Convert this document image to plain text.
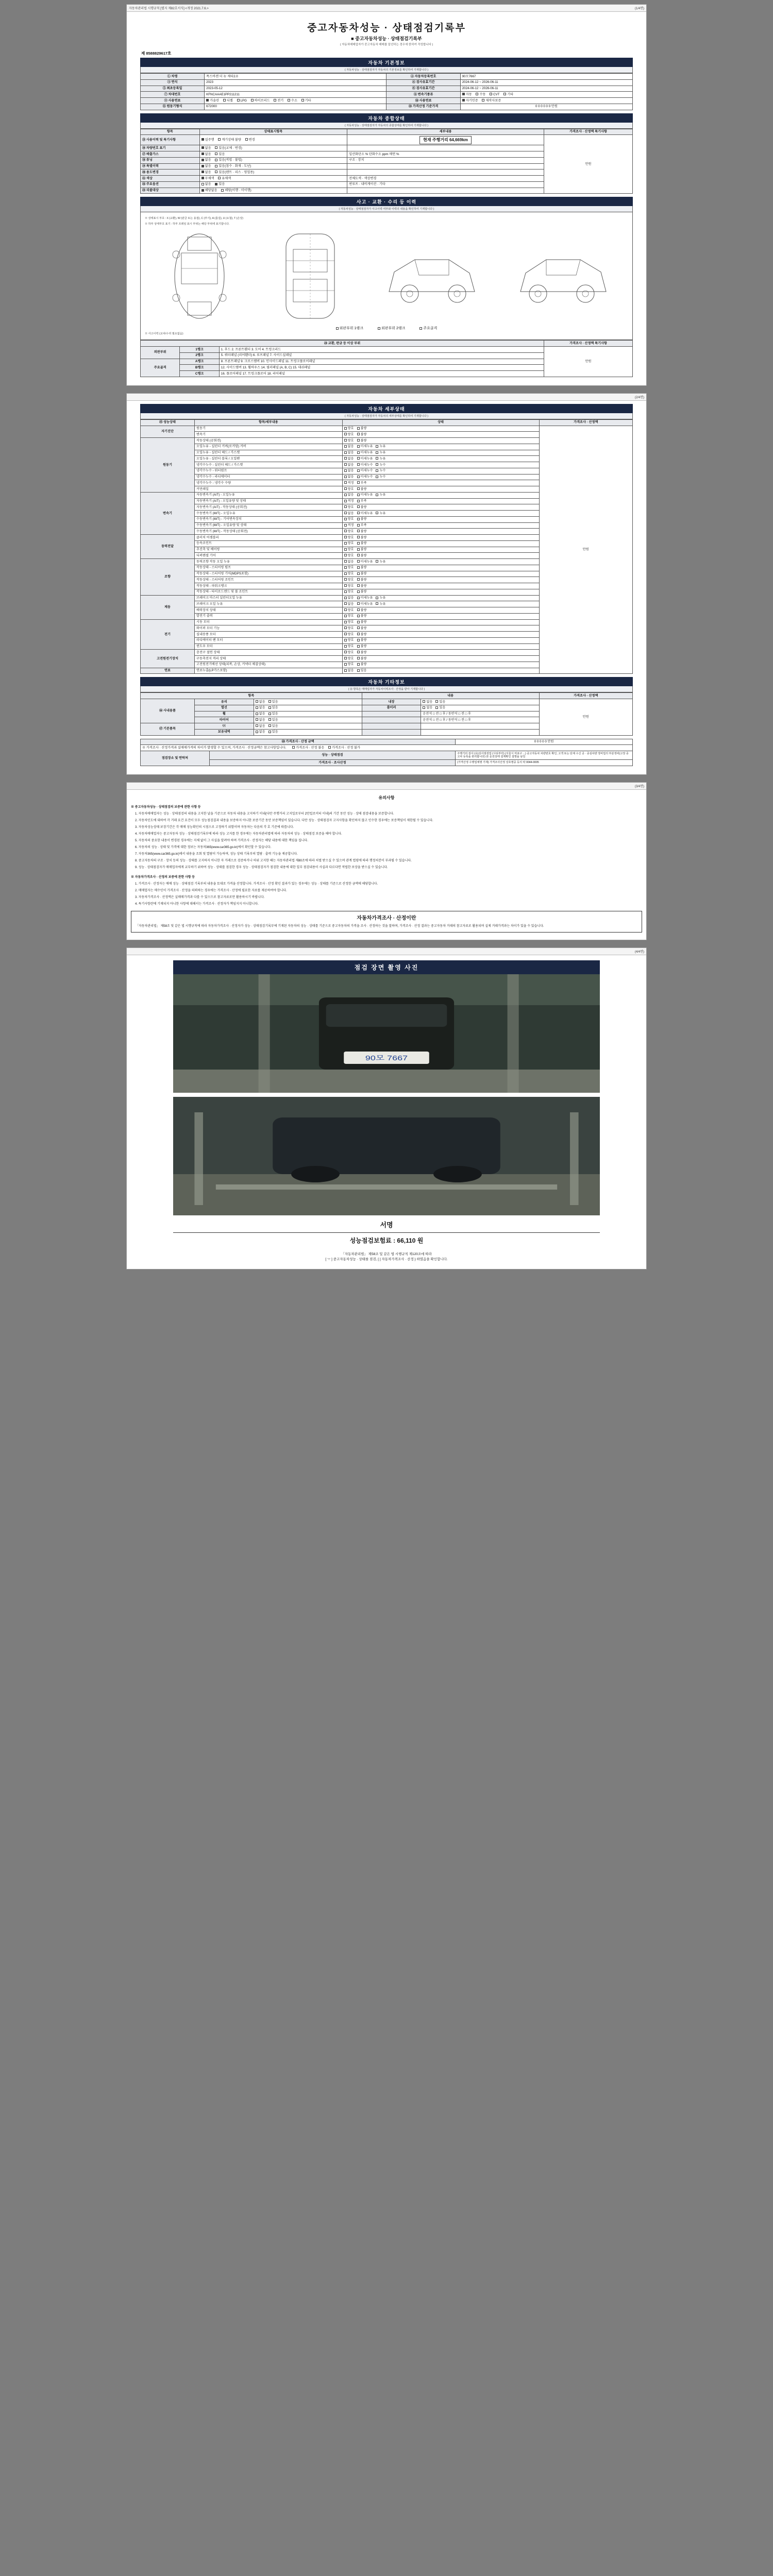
자동차관리법 시행규칙 [별지 제82호서식] <개정 2021.7.6.>	(1/4면)
중고자동차성능 · 상태점검기록부
■ 중고자동차성능 · 상태점검기록부
( 자동차매매업자가 중고자동차 매매를 알선하는 경우에 한하여 작성합니다 )
제 8588829617호
자동차 기본정보
( 자동차성능 · 상태점검자가 자동차의 기본정보를 확인하여 기재합니다 )
① 차명	폭스바겐 더 뉴 제타2.0	② 자동차등록번호	90모7667
③ 연식	2023	④ 검사유효기간	2024-06-12 ~ 2026-06-11
⑤ 최초등록일	2023-05-12	⑥ 검사유효기간	2024-06-12 ~ 2026-06-11
⑦ 차대번호	KFNCAAAE1PP211211	⑧ 변속기종류	자동 수동 CVT 기타
⑨ 사용연료	가솔린 디젤 LPG 하이브리드 전기 수소 기타	⑩ 사용연료	자기인증 제작사보증
⑪ 원동기형식	672000	⑭ 가격산정 기준가격	0 0 0 0 0 0 만원
자동차 종합상태
( 자동차성능 · 상태점검자가 자동차의 종합상태를 확인하여 기재합니다 )
항목	상태표시항목	세부내용	가격조사 · 산정액 특기사항
⑮ 사용이력 및 특기사항	실주행 계기상태 불량 변경	현재 주행거리 64,669km	만원
⑯ 차량번호 표기	없음 있음(교체 · 변경)		
⑰ 배출가스	없음 있음	일산화탄소 % 탄화수소 ppm 매연 %	
⑱ 튜닝	없음 있음(적법 · 불법)	구조 · 장치	
⑲ 특별이력	없음 있음(침수 · 화재 · 도난)		
⑳ 용도변경	없음 있음(렌트 · 리스 · 영업용)		
㉑ 색상	무채색 유채색	전체도색 · 색상변경	
㉒ 주요옵션	없음 있음	썬루프 · 내비게이션 · 기타	
㉓ 리콜대상	해당없음 해당(이행 · 미이행)		
사고 · 교환 · 수리 등 이력
( 자동차성능 · 상태점검자가 사고이력 여부와 이력의 내용을 확인하여 기재합니다 )
※ 상태표시 부호 : X (교환), W (판금 또는 용접), C (부식), A (흠집), U (요철), T (손상)
※ 하부 상태부호 표기 : 하부 프레임 표시 부위는 해당 부위에 표기합니다.
외판부위 1랭크	외판부위 2랭크	주요골격
※ 사고이력 (교차/수리 필요없음)
㉔ 교환, 판금 등 이상 부위			가격조사 · 산정액 특기사항
외판부위	1랭크	1. 후드 2. 프론트휀더 3. 도어 4. 트렁크리드	만원
	2랭크	5. 쿼터패널 (리어휀더) 6. 루프패널 7. 사이드실패널	
주요골격	A랭크	8. 프론트패널 9. 크로스멤버 10. 인사이드패널 11. 트렁크플로어패널	
	B랭크	12. 사이드멤버 13. 휠하우스 14. 필러패널 (A, B, C) 15. 대쉬패널	
	C랭크	16. 플로어패널 17. 트렁크플로어 18. 리어패널	
(2/4면)
자동차 세부상태
( 자동차성능 · 상태점검자가 자동차의 세부상태를 확인하여 기재합니다 )
㉕ 성능상태	항목/세부내용	상태	가격조사 · 산정액
자기진단	원동기	양호 불량	만원
	변속기	양호 불량	
원동기	작동상태 (공회전)	양호 불량	
	오일누유 - 실린더 커버(로커암) 커버	없음 미세누유 누유	
	오일누유 - 실린더 헤드 / 가스켓	없음 미세누유 누유	
	오일누유 - 실린더 블록 / 오일팬	없음 미세누유 누유	
	냉각수누수 - 실린더 헤드 / 가스켓	없음 미세누수 누수	
	냉각수누수 - 워터펌프	없음 미세누수 누수	
	냉각수누수 - 라디에이터	없음 미세누수 누수	
	냉각수누수 - 냉각수 수량	적정 부족	
	커먼레일	양호 불량	
변속기	자동변속기 (A/T) - 오일누유	없음 미세누유 누유	
	자동변속기 (A/T) - 오일유량 및 상태	적정 부족	
	자동변속기 (A/T) - 작동상태 (공회전)	양호 불량	
	수동변속기 (M/T) - 오일누유	없음 미세누유 누유	
	수동변속기 (M/T) - 기어변속장치	양호 불량	
	수동변속기 (M/T) - 오일유량 및 상태	적정 부족	
	수동변속기 (M/T) - 작동상태 (공회전)	양호 불량	
동력전달	클러치 어셈블리	양호 불량	
	등속조인트	양호 불량	
	추진축 및 베어링	양호 불량	
	디퍼렌셜 기어	양호 불량	
조향	동력조향 작동 오일 누유	없음 미세누유 누유	
	작동상태 - 스티어링 펌프	양호 불량	
	작동상태 - 스티어링 기어(MDPS포함)	양호 불량	
	작동상태 - 스티어링 조인트	양호 불량	
	작동상태 - 파워크랭크	양호 불량	
	작동상태 - 타이로드엔드 및 볼 조인트	양호 불량	
제동	브레이크 마스터 실린더오일 누유	없음 미세누유 누유	
	브레이크 오일 누유	없음 미세누유 누유	
	배력장치 상태	양호 불량	
	발전기 출력	양호 불량	
전기	시동 모터	양호 불량	
	와이퍼 모터 기능	양호 불량	
	실내송풍 모터	양호 불량	
	라디에이터 팬 모터	양호 불량	
	윈도우 모터	양호 불량	
고전원전기장치	충전구 절연 상태	양호 불량	
	구동축전지 격리 상태	양호 불량	
	고전원전기배선 상태(피복, 손상, 커넥터 체결상태)	양호 불량	
연료	연료누출(LP가스포함)	없음 있음	
자동차 기타정보
( ㉖ 항목은 매매업자가 자동차이력조사 · 산정을 받아 기재합니다 )
항목			내용		가격조사 · 산정액
㉖ 사내용품	유리	없음 있음	내장	없음 있음	만원
	열선	없음 있음	룸미러	없음 있음	
	휠	없음 있음		운전석 □ 전 □ 후 / 동반석 □ 전 □ 후	
	타이어	없음 있음		운전석 □ 전 □ 후 / 동반석 □ 전 □ 후	
㉗ 기본품목	؟؟	없음 있음			
	보유내역	없음 있음			
㉘ 가격조사 · 산정 금액		0 0 0 0 0 만원
※ 가격조사 · 산정가격과 실매매가격의 차이가 발생할 수 있으며, 가격조사 · 산정금액은 참고사항입니다. 가격조사 · 산정 불응 가격조사 · 산정 불가		
점검장소 및 연락처	성능 · 상태점검	주행거리 검사 (유)상사점검업 (시티부터) (서울시 마포구 ...) 중고자동차 차량번호 확인, 고객 또는 단체 수신 공 · 중심차량 정비업의 부분정비(고장 중고차 등록을 관리합니다) 본 운전상태 설계확인 설명을 남김
	가격조사 · 조사산정	(가격산정 수행업체명 기재) 가격조사산정 상호명중 등의 락 0044-0005
(3/4면)
유의사항

※ 중고자동차성능 · 상태점검의 보증에 관한 사항 등

1. 자동차매매업자는 성능 · 상태점검의 내용을 고지한 날을 기준으로 자동차 내용을 고지하기 이내(다만 주행거리 고지일로부터 2만킬로미터 이내)의 기간 동안 성능 · 상태 점검내용을 보증합니다.

2. 자동차인도에 대하여 각 거래 요건 요건이 모두 성능점검결과 내용을 보증하지 아니한 보증기간 동안 보증책임이 있습니다. 다만 성능 · 상태점검자 고지사항을 확인하지 않고 인수한 경우에는 보증책임이 제한될 수 있습니다.

3. 자동차성능상태 보장기간은 각 매매 성능확인의 시점으로 고정하기 위함이며 자동차는 다음의 각 호 기준에 따릅니다.

4. 자동차매매업자는 중고자동차 성능 · 상태점검기록부에 따라 성능 고지를 한 경우에는 자동차관리법에 따라 자동차의 성능 · 상태점검 보증을 해야 합니다.

5. 자동차의 중요한 내용이 변경된 경우에는 지체 없이 그 사실을 알려야 하며 가격조사 · 산정자는 해당 내용에 대한 책임을 집니다.

6. 자동차의 성능 · 상태 및 가격에 대한 정보는 자동차365(www.car365.go.kr)에서 확인할 수 있습니다.

7. 자동차365(www.car365.go.kr)에서 내용을 조회 및 열람이 가능하며, 성능 상태 기록부의 열람 · 출력 기능을 제공합니다.

8. 중고자동차의 구조 · 장치 등의 성능 · 상태를 고지하지 아니한 자 거래으로 검증하거나 허위 고지한 때는 자동차관리법 제80조에 따라 처벌 받으실 수 있으며 관계 법령에 따라 행정처분이 부과될 수 있습니다.

9. 성능 · 상태점검자가 매매업자에게 교부하기 위하여 성능 · 상태를 점검한 경우 성능 · 상태점검자가 점검한 내용에 대한 일부 점검내용이 사실과 다르다면 적법한 보상을 받으실 수 있습니다.

※ 자동차가격조사 · 산정의 보증에 관한 사항 등

1. 가격조사 · 산정자는 매매 성능 · 상태점검 기록부의 내용을 토대로 가격을 산정합니다. 가격조사 · 산정 확인 결과가 있는 경우에는 성능 · 상태를 기준으로 산정한 금액에 해당합니다.

2. 매매업자는 매수인이 가격조사 · 산정을 의뢰하는 경우에는 가격조사 · 산정에 필요한 자료를 제공하여야 합니다.

3. 자동차가격조사 · 산정액은 실매매가격과 다를 수 있으므로 참고자료로만 활용하시기 바랍니다.

4. 특기사항란에 기재되지 아니한 사항에 대해서는 가격조사 · 산정자가 책임지지 아니합니다.

자동차가격조사 · 산정이란
「자동차관리법」 제58조 및 같은 법 시행규칙에 따라 자동차가격조사 · 산정자가 성능 · 상태점검기록부에 기재된 자동차의 성능 · 상태를 기준으로 중고자동차의 가격을 조사 · 산정하는 것을 말하며, 가격조사 · 산정 결과는 중고자동차 거래의 참고자료로 활용되며 실제 거래가격과는 차이가 있을 수 있습니다.
(4/4면)
점검 장면 촬영 사진
90모 7667
서명
성능점검보험료 : 66,110 원
「자동차관리법」 제58조 및 같은 법 시행규칙 제120조에 따라
[ ㅜ ] 중고자동차성능 · 상태를 점검, [ ] 자동차가격조사 · 산정 } 하였음을 확인합니다.
